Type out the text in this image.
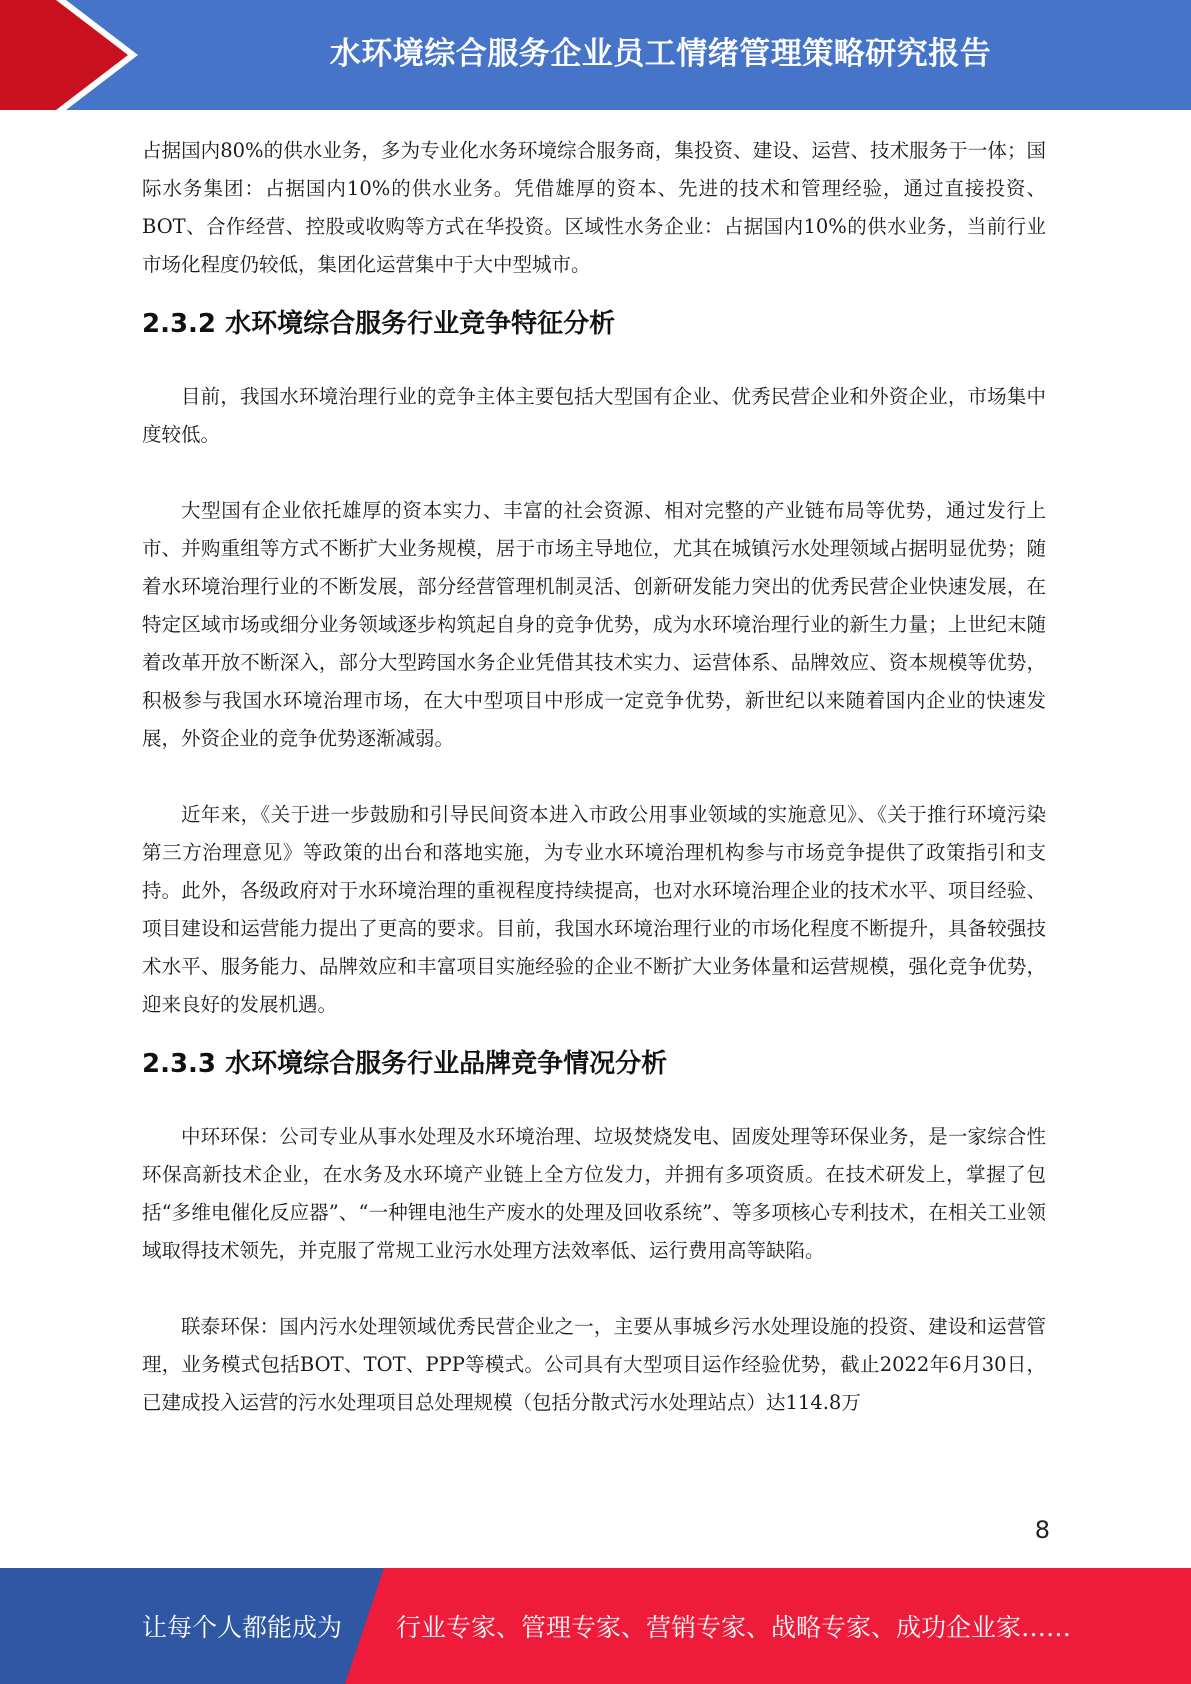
水环境综合服务企业员工情绪管理策略研究报告

占据国内80%的供水业务，多为专业化水务环境综合服务商，集投资、建设、运营、技术服务于一体；国际水务集团：占据国内10%的供水业务。凭借雄厚的资本、先进的技术和管理经验，通过直接投资、BOT、合作经营、控股或收购等方式在华投资。区域性水务企业：占据国内10%的供水业务，当前行业市场化程度仍较低，集团化运营集中于大中型城市。

2.3.2 水环境综合服务行业竞争特征分析

目前，我国水环境治理行业的竞争主体主要包括大型国有企业、优秀民营企业和外资企业，市场集中度较低。

大型国有企业依托雄厚的资本实力、丰富的社会资源、相对完整的产业链布局等优势，通过发行上市、并购重组等方式不断扩大业务规模，居于市场主导地位，尤其在城镇污水处理领域占据明显优势；随着水环境治理行业的不断发展，部分经营管理机制灵活、创新研发能力突出的优秀民营企业快速发展，在特定区域市场或细分业务领域逐步构筑起自身的竞争优势，成为水环境治理行业的新生力量；上世纪末随着改革开放不断深入，部分大型跨国水务企业凭借其技术实力、运营体系、品牌效应、资本规模等优势，积极参与我国水环境治理市场，在大中型项目中形成一定竞争优势，新世纪以来随着国内企业的快速发展，外资企业的竞争优势逐渐减弱。

近年来，《关于进一步鼓励和引导民间资本进入市政公用事业领域的实施意见》、《关于推行环境污染第三方治理意见》等政策的出台和落地实施，为专业水环境治理机构参与市场竞争提供了政策指引和支持。此外，各级政府对于水环境治理的重视程度持续提高，也对水环境治理企业的技术水平、项目经验、项目建设和运营能力提出了更高的要求。目前，我国水环境治理行业的市场化程度不断提升，具备较强技术水平、服务能力、品牌效应和丰富项目实施经验的企业不断扩大业务体量和运营规模，强化竞争优势，迎来良好的发展机遇。

2.3.3 水环境综合服务行业品牌竞争情况分析

中环环保：公司专业从事水处理及水环境治理、垃圾焚烧发电、固废处理等环保业务，是一家综合性环保高新技术企业，在水务及水环境产业链上全方位发力，并拥有多项资质。在技术研发上，掌握了包括“多维电催化反应器”、“一种锂电池生产废水的处理及回收系统”、等多项核心专利技术，在相关工业领域取得技术领先，并克服了常规工业污水处理方法效率低、运行费用高等缺陷。

联泰环保：国内污水处理领域优秀民营企业之一，主要从事城乡污水处理设施的投资、建设和运营管理，业务模式包括BOT、TOT、PPP等模式。公司具有大型项目运作经验优势，截止2022年6月30日，已建成投入运营的污水处理项目总处理规模（包括分散式污水处理站点）达114.8万

8
让每个人都能成为 行业专家、管理专家、营销专家、战略专家、成功企业家……
